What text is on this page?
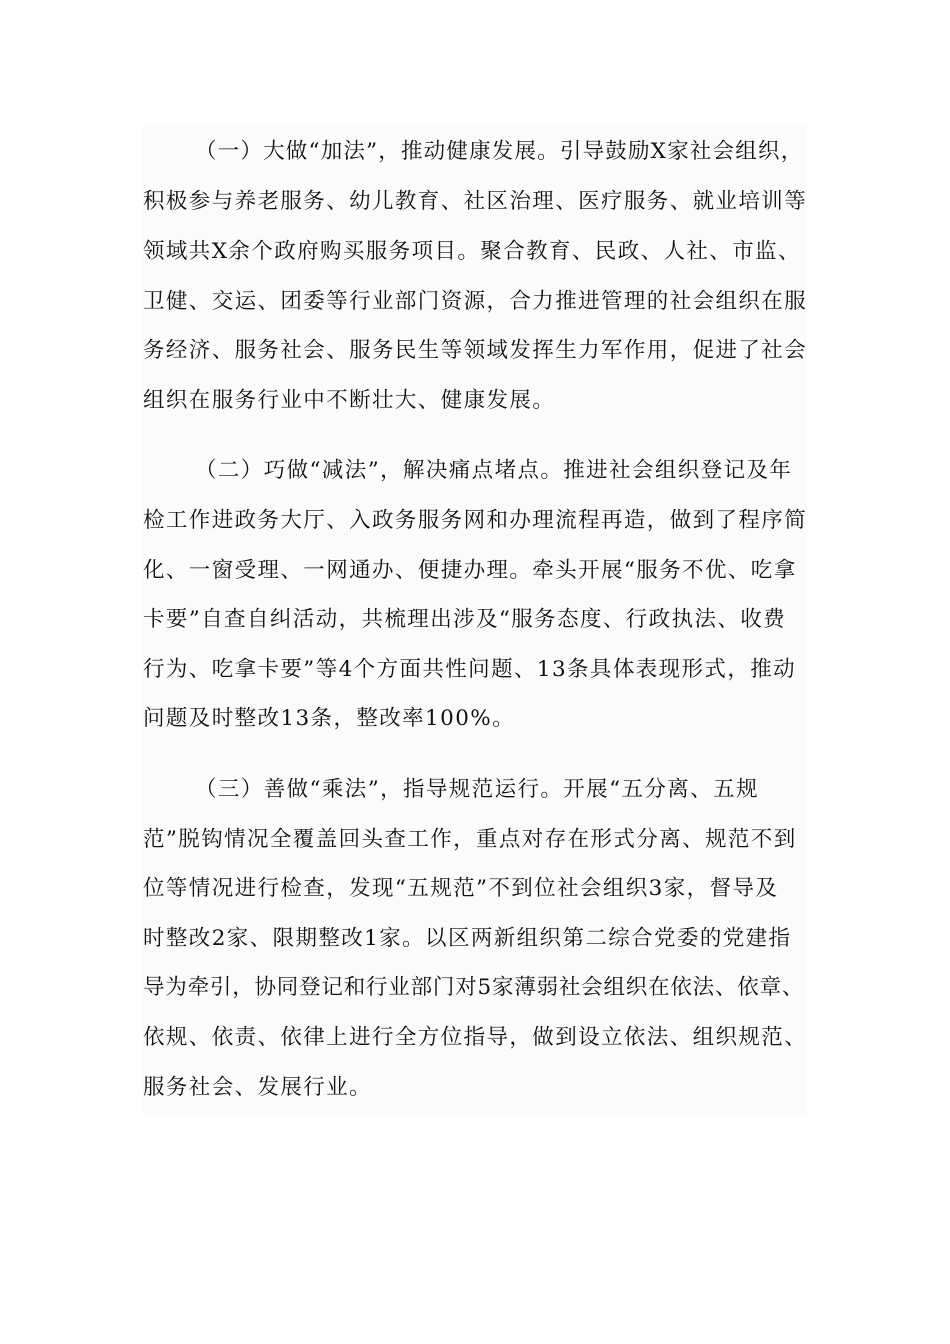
（一）大做“加法”，推动健康发展。引导鼓励X家社会组织，
积极参与养老服务、幼儿教育、社区治理、医疗服务、就业培训等
领域共X余个政府购买服务项目。聚合教育、民政、人社、市监、
卫健、交运、团委等行业部门资源，合力推进管理的社会组织在服
务经济、服务社会、服务民生等领域发挥生力军作用，促进了社会
组织在服务行业中不断壮大、健康发展。
（二）巧做“减法”，解决痛点堵点。推进社会组织登记及年
检工作进政务大厅、入政务服务网和办理流程再造，做到了程序简
化、一窗受理、一网通办、便捷办理。牵头开展“服务不优、吃拿
卡要”自查自纠活动，共梳理出涉及“服务态度、行政执法、收费
行为、吃拿卡要”等4个方面共性问题、13条具体表现形式，推动
问题及时整改13条，整改率100%。
（三）善做“乘法”，指导规范运行。开展“五分离、五规
范”脱钩情况全覆盖回头查工作，重点对存在形式分离、规范不到
位等情况进行检查，发现“五规范”不到位社会组织3家，督导及
时整改2家、限期整改1家。以区两新组织第二综合党委的党建指
导为牵引，协同登记和行业部门对5家薄弱社会组织在依法、依章、
依规、依责、依律上进行全方位指导，做到设立依法、组织规范、
服务社会、发展行业。
